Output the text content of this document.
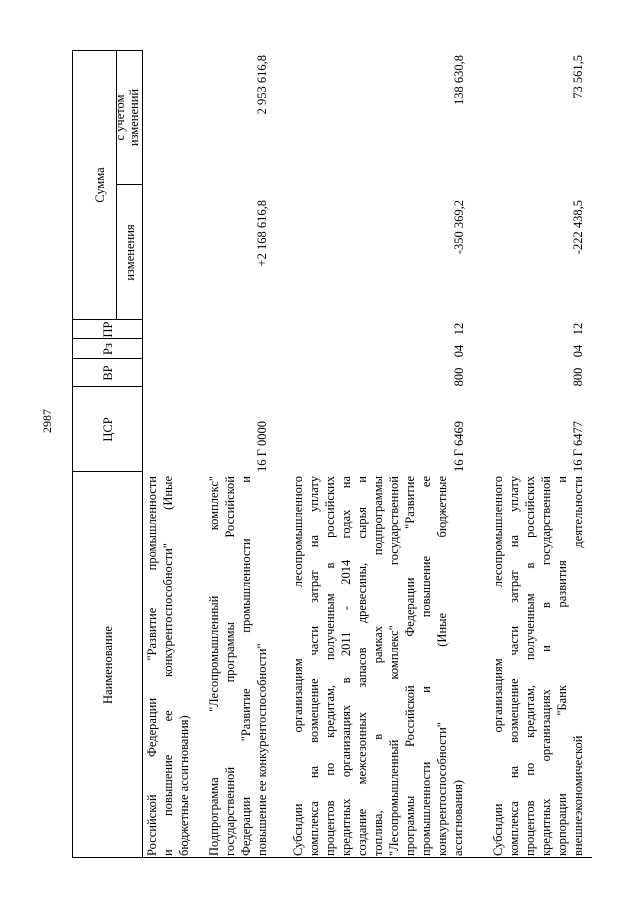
2987
Наименование
ЦСР
ВР
Рз
ПР
Сумма
изменения
с учетом изменений
Российской Федерации "Развитие промышленности и повышение ее конкурентоспособности" (Иные бюджетные ассигнования) Подпрограмма "Лесопромышленный комплекс" государственной программы Российской Федерации "Развитие промышленности и повышение ее конкурентоспособности"
16 Г 0000
+2 168 616,8
2 953 616,8
Субсидии организациям лесопромышленного комплекса на возмещение части затрат на уплату процентов по кредитам, полученным в российских кредитных организациях в 2011 - 2014 годах на создание межсезонных запасов древесины, сырья и топлива, в рамках подпрограммы "Лесопромышленный комплекс" государственной программы Российской Федерации "Развитие промышленности и повышение ее конкурентоспособности" (Иные бюджетные ассигнования)
16 Г 6469
800
04
12
-350 369,2
138 630,8
Субсидии организациям лесопромышленного комплекса на возмещение части затрат на уплату процентов по кредитам, полученным в российских кредитных организациях и в государственной корпорации "Банк развития и внешнеэкономической деятельности
16 Г 6477
800
04
12
-222 438,5
73 561,5
